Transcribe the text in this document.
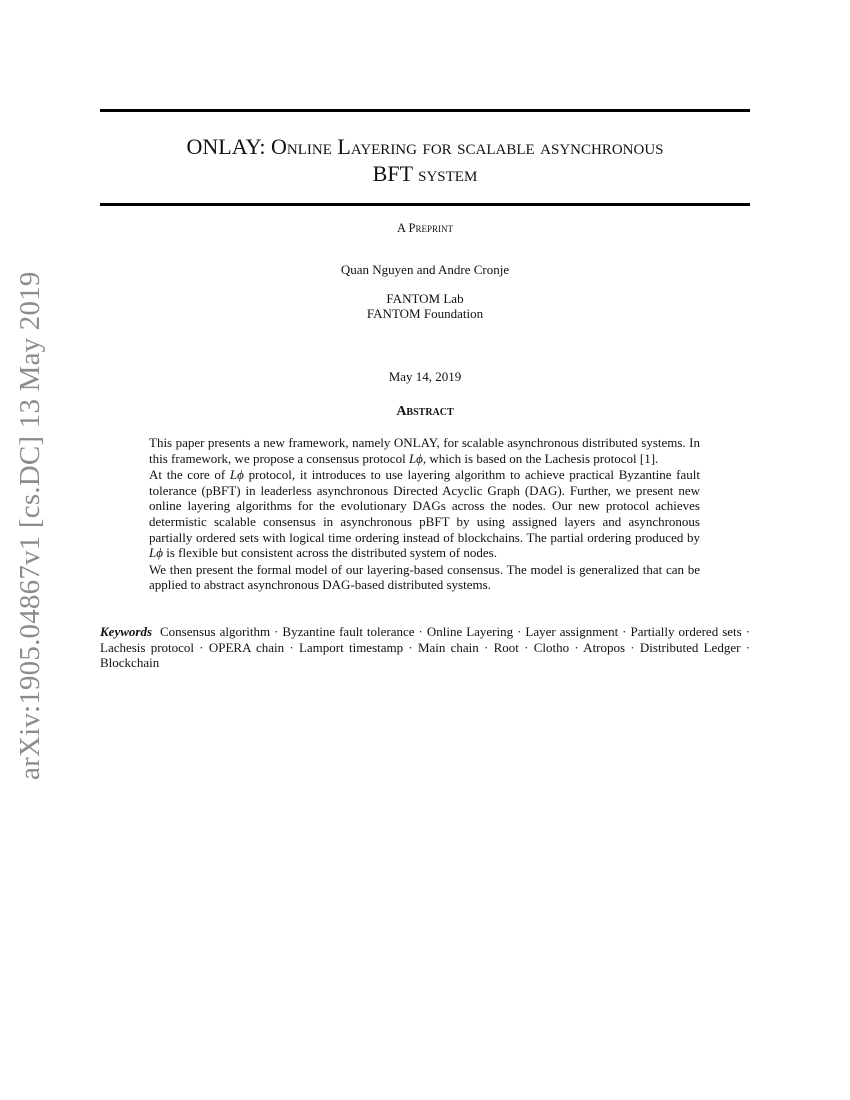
arXiv:1905.04867v1 [cs.DC] 13 May 2019
ONLAY: Online Layering for scalable asynchronous
BFT system
A Preprint
Quan Nguyen and Andre Cronje
FANTOM Lab
FANTOM Foundation
May 14, 2019
Abstract

This paper presents a new framework, namely ONLAY, for scalable asynchronous distributed systems. In this framework, we propose a consensus protocol Lϕ, which is based on the Lachesis protocol [1].

At the core of Lϕ protocol, it introduces to use layering algorithm to achieve practical Byzantine fault tolerance (pBFT) in leaderless asynchronous Directed Acyclic Graph (DAG). Further, we present new online layering algorithms for the evolutionary DAGs across the nodes. Our new protocol achieves determistic scalable consensus in asynchronous pBFT by using assigned layers and asynchronous partially ordered sets with logical time ordering instead of blockchains. The partial ordering produced by Lϕ is flexible but consistent across the distributed system of nodes.

We then present the formal model of our layering-based consensus. The model is generalized that can be applied to abstract asynchronous DAG-based distributed systems.

Keywords Consensus algorithm · Byzantine fault tolerance · Online Layering · Layer assignment · Partially ordered sets · Lachesis protocol · OPERA chain · Lamport timestamp · Main chain · Root · Clotho · Atropos · Distributed Ledger · Blockchain
